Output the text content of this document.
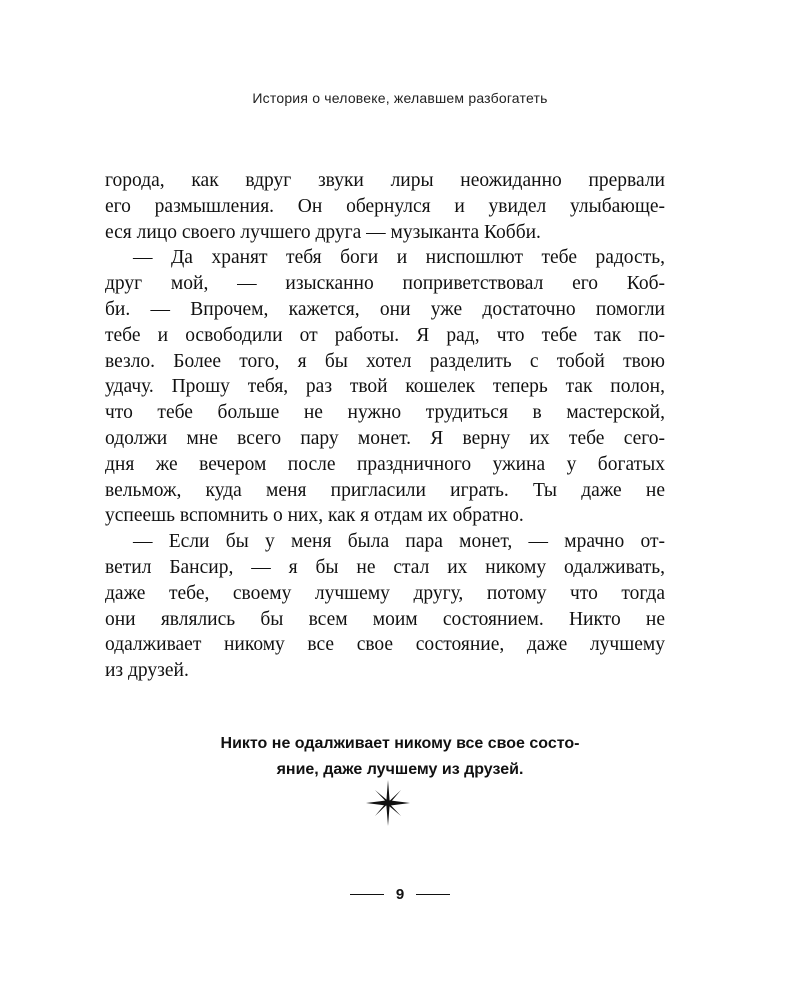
История о человеке, желавшем разбогатеть
города, как вдруг звуки лиры неожиданно прервали
его размышления. Он обернулся и увидел улыбающе-
еся лицо своего лучшего друга — музыканта Кобби.
— Да хранят тебя боги и ниспошлют тебе радость,
друг мой, — изысканно поприветствовал его Коб-
би. — Впрочем, кажется, они уже достаточно помогли
тебе и освободили от работы. Я рад, что тебе так по-
везло. Более того, я бы хотел разделить с тобой твою
удачу. Прошу тебя, раз твой кошелек теперь так полон,
что тебе больше не нужно трудиться в мастерской,
одолжи мне всего пару монет. Я верну их тебе сего-
дня же вечером после праздничного ужина у богатых
вельмож, куда меня пригласили играть. Ты даже не
успеешь вспомнить о них, как я отдам их обратно.
— Если бы у меня была пара монет, — мрачно от-
ветил Бансир, — я бы не стал их никому одалживать,
даже тебе, своему лучшему другу, потому что тогда
они являлись бы всем моим состоянием. Никто не
одалживает никому все свое состояние, даже лучшему
из друзей.
Никто не одалживает никому все свое состо-
яние, даже лучшему из друзей.
9
